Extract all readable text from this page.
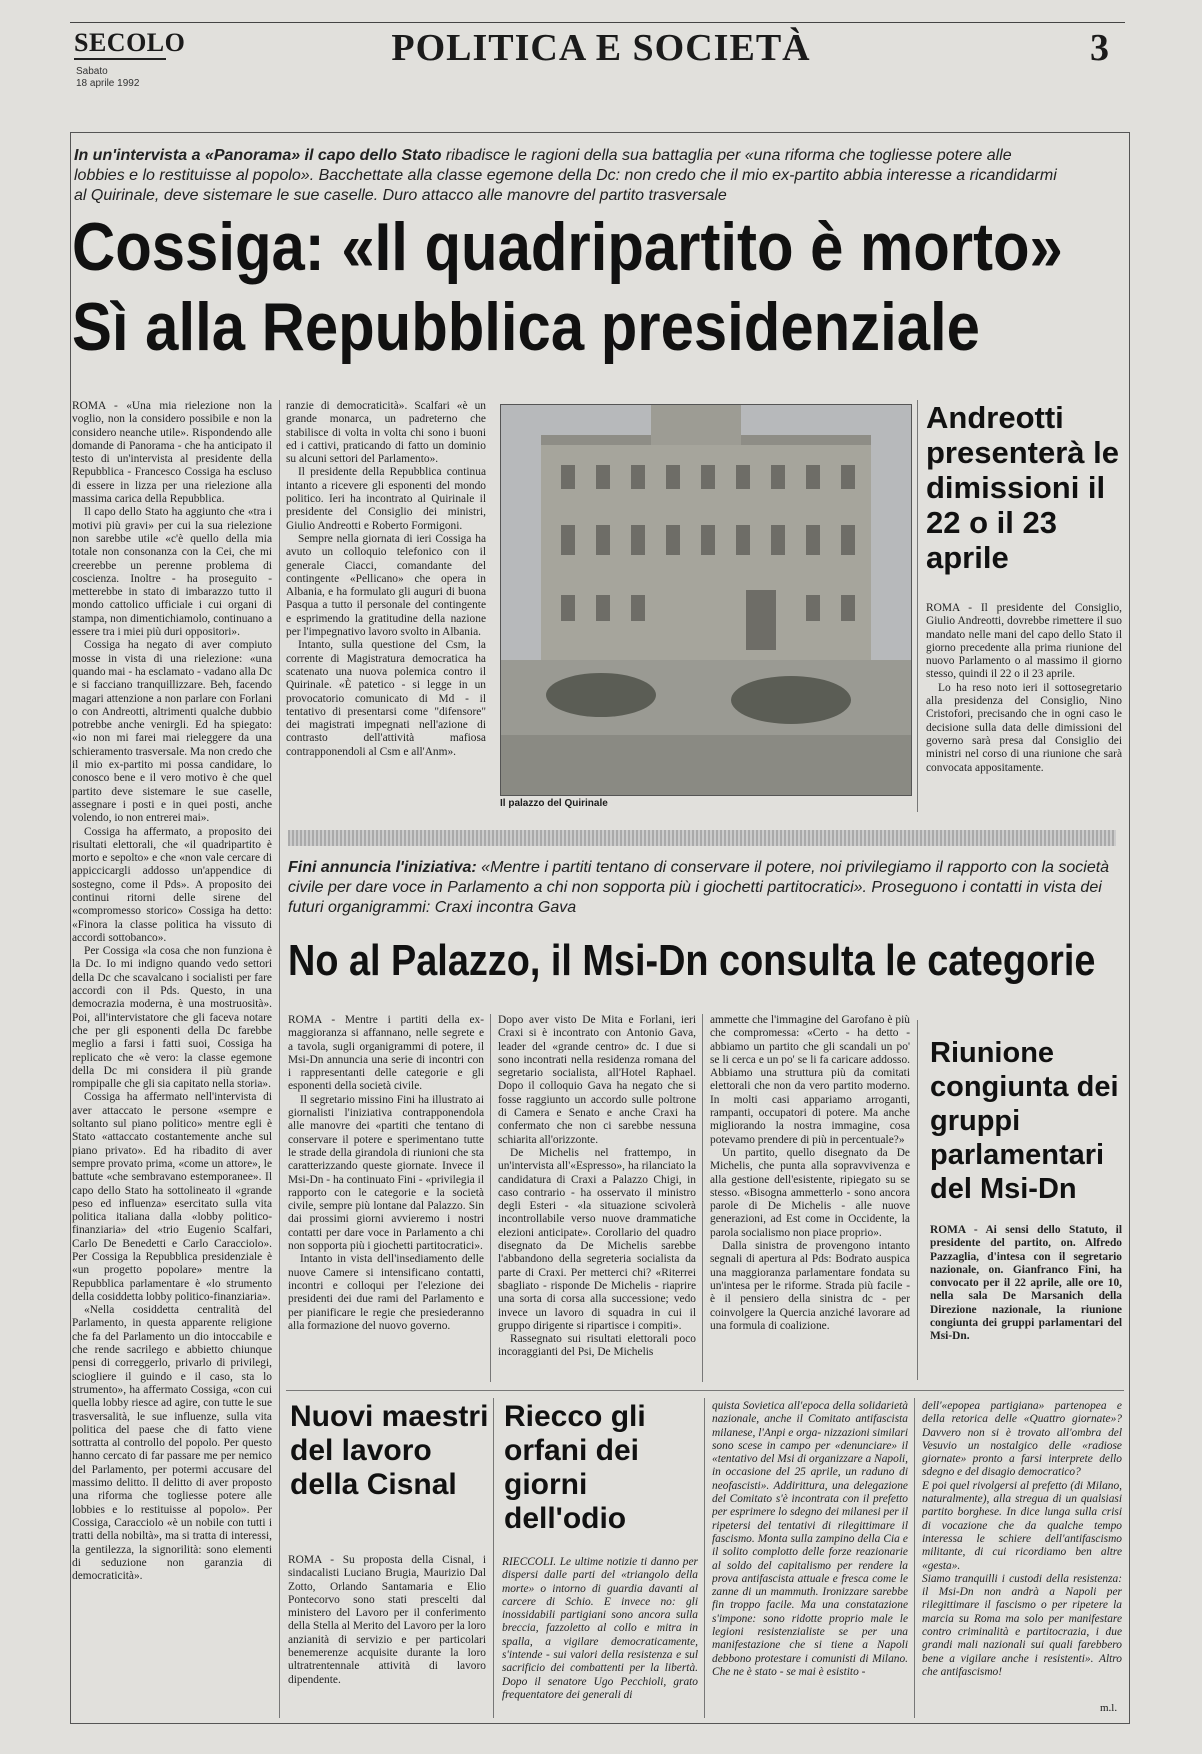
SECOLO
Sabato
18 aprile 1992
POLITICA E SOCIETÀ	3
In un'intervista a «Panorama» il capo dello Stato ribadisce le ragioni della sua battaglia per «una riforma che togliesse potere alle lobbies e lo restituisse al popolo». Bacchettate alla classe egemone della Dc: non credo che il mio ex-partito abbia interesse a ricandidarmi al Quirinale, deve sistemare le sue caselle. Duro attacco alle manovre del partito trasversale
Cossiga: «Il quadripartito è morto»
Sì alla Repubblica presidenziale

ROMA - «Una mia rielezione non la voglio, non la considero possibile e non la considero neanche utile». Rispondendo alle domande di Panorama - che ha anticipato il testo di un'intervista al presidente della Repubblica - Francesco Cossiga ha escluso di essere in lizza per una rielezione alla massima carica della Repubblica.

Il capo dello Stato ha aggiunto che «tra i motivi più gravi» per cui la sua rielezione non sarebbe utile «c'è quello della mia totale non consonanza con la Cei, che mi creerebbe un perenne problema di coscienza. Inoltre - ha proseguito - metterebbe in stato di imbarazzo tutto il mondo cattolico ufficiale i cui organi di stampa, non dimentichiamolo, continuano a essere tra i miei più duri oppositori».

Cossiga ha negato di aver compiuto mosse in vista di una rielezione: «una quando mai - ha esclamato - vadano alla Dc e si facciano tranquillizzare. Beh, facendo magari attenzione a non parlare con Forlani o con Andreotti, altrimenti qualche dubbio potrebbe anche venirgli. Ed ha spiegato: «io non mi farei mai rieleggere da una schieramento trasversale. Ma non credo che il mio ex-partito mi possa candidare, lo conosco bene e il vero motivo è che quel partito deve sistemare le sue caselle, assegnare i posti e in quei posti, anche volendo, io non entrerei mai».

Cossiga ha affermato, a proposito dei risultati elettorali, che «il quadripartito è morto e sepolto» e che «non vale cercare di appiccicargli addosso un'appendice di sostegno, come il Pds». A proposito dei continui ritorni delle sirene del «compromesso storico» Cossiga ha detto: «Finora la classe politica ha vissuto di accordi sottobanco».

Per Cossiga «la cosa che non funziona è la Dc. Io mi indigno quando vedo settori della Dc che scavalcano i socialisti per fare accordi con il Pds. Questo, in una democrazia moderna, è una mostruosità». Poi, all'intervistatore che gli faceva notare che per gli esponenti della Dc farebbe meglio a farsi i fatti suoi, Cossiga ha replicato che «è vero: la classe egemone della Dc mi considera il più grande rompipalle che gli sia capitato nella storia».

Cossiga ha affermato nell'intervista di aver attaccato le persone «sempre e soltanto sul piano politico» mentre egli è Stato «attaccato costantemente anche sul piano privato». Ed ha ribadito di aver sempre provato prima, «come un attore», le battute «che sembravano estemporanee». Il capo dello Stato ha sottolineato il «grande peso ed influenza» esercitato sulla vita politica italiana dalla «lobby politico-finanziaria» del «trio Eugenio Scalfari, Carlo De Benedetti e Carlo Caracciolo». Per Cossiga la Repubblica presidenziale è «un progetto popolare» mentre la Repubblica parlamentare è «lo strumento della cosiddetta lobby politico-finanziaria».

«Nella cosiddetta centralità del Parlamento, in questa apparente religione che fa del Parlamento un dio intoccabile e che rende sacrilego e abbietto chiunque pensi di correggerlo, privarlo di privilegi, sciogliere il guindo e il caso, sta lo strumento», ha affermato Cossiga, «con cui quella lobby riesce ad agire, con tutte le sue trasversalità, le sue influenze, sulla vita politica del paese che di fatto viene sottratta al controllo del popolo. Per questo hanno cercato di far passare me per nemico del Parlamento, per potermi accusare del massimo delitto. Il delitto di aver proposto una riforma che togliesse potere alle lobbies e lo restituisse al popolo». Per Cossiga, Caracciolo «è un nobile con tutti i tratti della nobiltà», ma si tratta di interessi, la gentilezza, la signorilità: sono elementi di seduzione non garanzia di democraticità».

ranzie di democraticità». Scalfari «è un grande monarca, un padreterno che stabilisce di volta in volta chi sono i buoni ed i cattivi, praticando di fatto un dominio su alcuni settori del Parlamento».

Il presidente della Repubblica continua intanto a ricevere gli esponenti del mondo politico. Ieri ha incontrato al Quirinale il presidente del Consiglio dei ministri, Giulio Andreotti e Roberto Formigoni.

Sempre nella giornata di ieri Cossiga ha avuto un colloquio telefonico con il generale Ciacci, comandante del contingente «Pellicano» che opera in Albania, e ha formulato gli auguri di buona Pasqua a tutto il personale del contingente e esprimendo la gratitudine della nazione per l'impegnativo lavoro svolto in Albania.

Intanto, sulla questione del Csm, la corrente di Magistratura democratica ha scatenato una nuova polemica contro il Quirinale. «È patetico - si legge in un provocatorio comunicato di Md - il tentativo di presentarsi come "difensore" dei magistrati impegnati nell'azione di contrasto dell'attività mafiosa contrapponendoli al Csm e all'Anm».

Il palazzo del Quirinale
Andreotti presenterà le dimissioni il 22 o il 23 aprile

ROMA - Il presidente del Consiglio, Giulio Andreotti, dovrebbe rimettere il suo mandato nelle mani del capo dello Stato il giorno precedente alla prima riunione del nuovo Parlamento o al massimo il giorno stesso, quindi il 22 o il 23 aprile.

Lo ha reso noto ieri il sottosegretario alla presidenza del Consiglio, Nino Cristofori, precisando che in ogni caso le decisione sulla data delle dimissioni del governo sarà presa dal Consiglio dei ministri nel corso di una riunione che sarà convocata appositamente.

Fini annuncia l'iniziativa: «Mentre i partiti tentano di conservare il potere, noi privilegiamo il rapporto con la società civile per dare voce in Parlamento a chi non sopporta più i giochetti partitocratici». Proseguono i contatti in vista dei futuri organigrammi: Craxi incontra Gava
No al Palazzo, il Msi-Dn consulta le categorie

ROMA - Mentre i partiti della ex-maggioranza si affannano, nelle segrete e a tavola, sugli organigrammi di potere, il Msi-Dn annuncia una serie di incontri con i rappresentanti delle categorie e gli esponenti della società civile.

Il segretario missino Fini ha illustrato ai giornalisti l'iniziativa contrapponendola alle manovre dei «partiti che tentano di conservare il potere e sperimentano tutte le strade della girandola di riunioni che sta caratterizzando queste giornate. Invece il Msi-Dn - ha continuato Fini - «privilegia il rapporto con le categorie e la società civile, sempre più lontane dal Palazzo. Sin dai prossimi giorni avvieremo i nostri contatti per dare voce in Parlamento a chi non sopporta più i giochetti partitocratici».

Intanto in vista dell'insediamento delle nuove Camere si intensificano contatti, incontri e colloqui per l'elezione dei presidenti dei due rami del Parlamento e per pianificare le regie che presiederanno alla formazione del nuovo governo.

Dopo aver visto De Mita e Forlani, ieri Craxi si è incontrato con Antonio Gava, leader del «grande centro» dc. I due si sono incontrati nella residenza romana del segretario socialista, all'Hotel Raphael. Dopo il colloquio Gava ha negato che si fosse raggiunto un accordo sulle poltrone di Camera e Senato e anche Craxi ha confermato che non ci sarebbe nessuna schiarita all'orizzonte.

De Michelis nel frattempo, in un'intervista all'«Espresso», ha rilanciato la candidatura di Craxi a Palazzo Chigi, in caso contrario - ha osservato il ministro degli Esteri - «la situazione scivolerà incontrollabile verso nuove drammatiche elezioni anticipate». Corollario del quadro disegnato da De Michelis sarebbe l'abbandono della segreteria socialista da parte di Craxi. Per metterci chi? «Riterrei sbagliato - risponde De Michelis - riaprire una sorta di corsa alla successione; vedo invece un lavoro di squadra in cui il gruppo dirigente si ripartisce i compiti».

Rassegnato sui risultati elettorali poco incoraggianti del Psi, De Michelis

ammette che l'immagine del Garofano è più che compromessa: «Certo - ha detto - abbiamo un partito che gli scandali un po' se li cerca e un po' se li fa caricare addosso. Abbiamo una struttura più da comitati elettorali che non da vero partito moderno. In molti casi appariamo arroganti, rampanti, occupatori di potere. Ma anche migliorando la nostra immagine, cosa potevamo prendere di più in percentuale?»

Un partito, quello disegnato da De Michelis, che punta alla sopravvivenza e alla gestione dell'esistente, ripiegato su se stesso. «Bisogna ammetterlo - sono ancora parole di De Michelis - alle nuove generazioni, ad Est come in Occidente, la parola socialismo non piace proprio».

Dalla sinistra de provengono intanto segnali di apertura al Pds: Bodrato auspica una maggioranza parlamentare fondata su un'intesa per le riforme. Strada più facile - è il pensiero della sinistra dc - per coinvolgere la Quercia anziché lavorare ad una formula di coalizione.

Riunione congiunta dei gruppi parlamentari del Msi-Dn
ROMA - Ai sensi dello Statuto, il presidente del partito, on. Alfredo Pazzaglia, d'intesa con il segretario nazionale, on. Gianfranco Fini, ha convocato per il 22 aprile, alle ore 10, nella sala De Marsanich della Direzione nazionale, la riunione congiunta dei gruppi parlamentari del Msi-Dn.
Nuovi maestri del lavoro della Cisnal
ROMA - Su proposta della Cisnal, i sindacalisti Luciano Brugia, Maurizio Dal Zotto, Orlando Santamaria e Elio Pontecorvo sono stati prescelti dal ministero del Lavoro per il conferimento della Stella al Merito del Lavoro per la loro anzianità di servizio e per particolari benemerenze acquisite durante la loro ultratrentennale attività di lavoro dipendente.
Riecco gli orfani dei giorni dell'odio
RIECCOLI. Le ultime notizie ti danno per dispersi dalle parti del «triangolo della morte» o intorno di guardia davanti al carcere di Schio. E invece no: gli inossidabili partigiani sono ancora sulla breccia, fazzoletto al collo e mitra in spalla, a vigilare democraticamente, s'intende - sui valori della resistenza e sul sacrificio dei combattenti per la libertà. Dopo il senatore Ugo Pecchioli, grato frequentatore dei generali di
quista Sovietica all'epoca della solidarietà nazionale, anche il Comitato antifascista milanese, l'Anpi e orga- nizzazioni similari sono scese in campo per «denunciare» il «tentativo del Msi di organizzare a Napoli, in occasione del 25 aprile, un raduno di neofascisti». Addirittura, una delegazione del Comitato s'è incontrata con il prefetto per esprimere lo sdegno dei milanesi per il ripetersi del tentativi di rilegittimare il fascismo. Monta sulla zampino della Cia e il solito complotto delle forze reazionarie al soldo del capitalismo per rendere la prova antifascista attuale e fresca come le zanne di un mammuth. Ironizzare sarebbe fin troppo facile. Ma una constatazione s'impone: sono ridotte proprio male le legioni resistenzialiste se per una manifestazione che si tiene a Napoli debbono protestare i comunisti di Milano. Che ne è stato - se mai è esistito -
dell'«epopea partigiana» partenopea e della retorica delle «Quattro giornate»? Davvero non si è trovato all'ombra del Vesuvio un nostalgico delle «radiose giornate» pronto a farsi interprete dello sdegno e del disagio democratico?
E poi quel rivolgersi al prefetto (di Milano, naturalmente), alla stregua di un qualsiasi partito borghese. In dice lunga sulla crisi di vocazione che da qualche tempo interessa le schiere dell'antifascismo militante, di cui ricordiamo ben altre «gesta».
Siamo tranquilli i custodi della resistenza: il Msi-Dn non andrà a Napoli per rilegittimare il fascismo o per ripetere la marcia su Roma ma solo per manifestare contro criminalità e partitocrazia, i due grandi mali nazionali sui quali farebbero bene a vigilare anche i resistenti». Altro che antifascismo!
m.l.
